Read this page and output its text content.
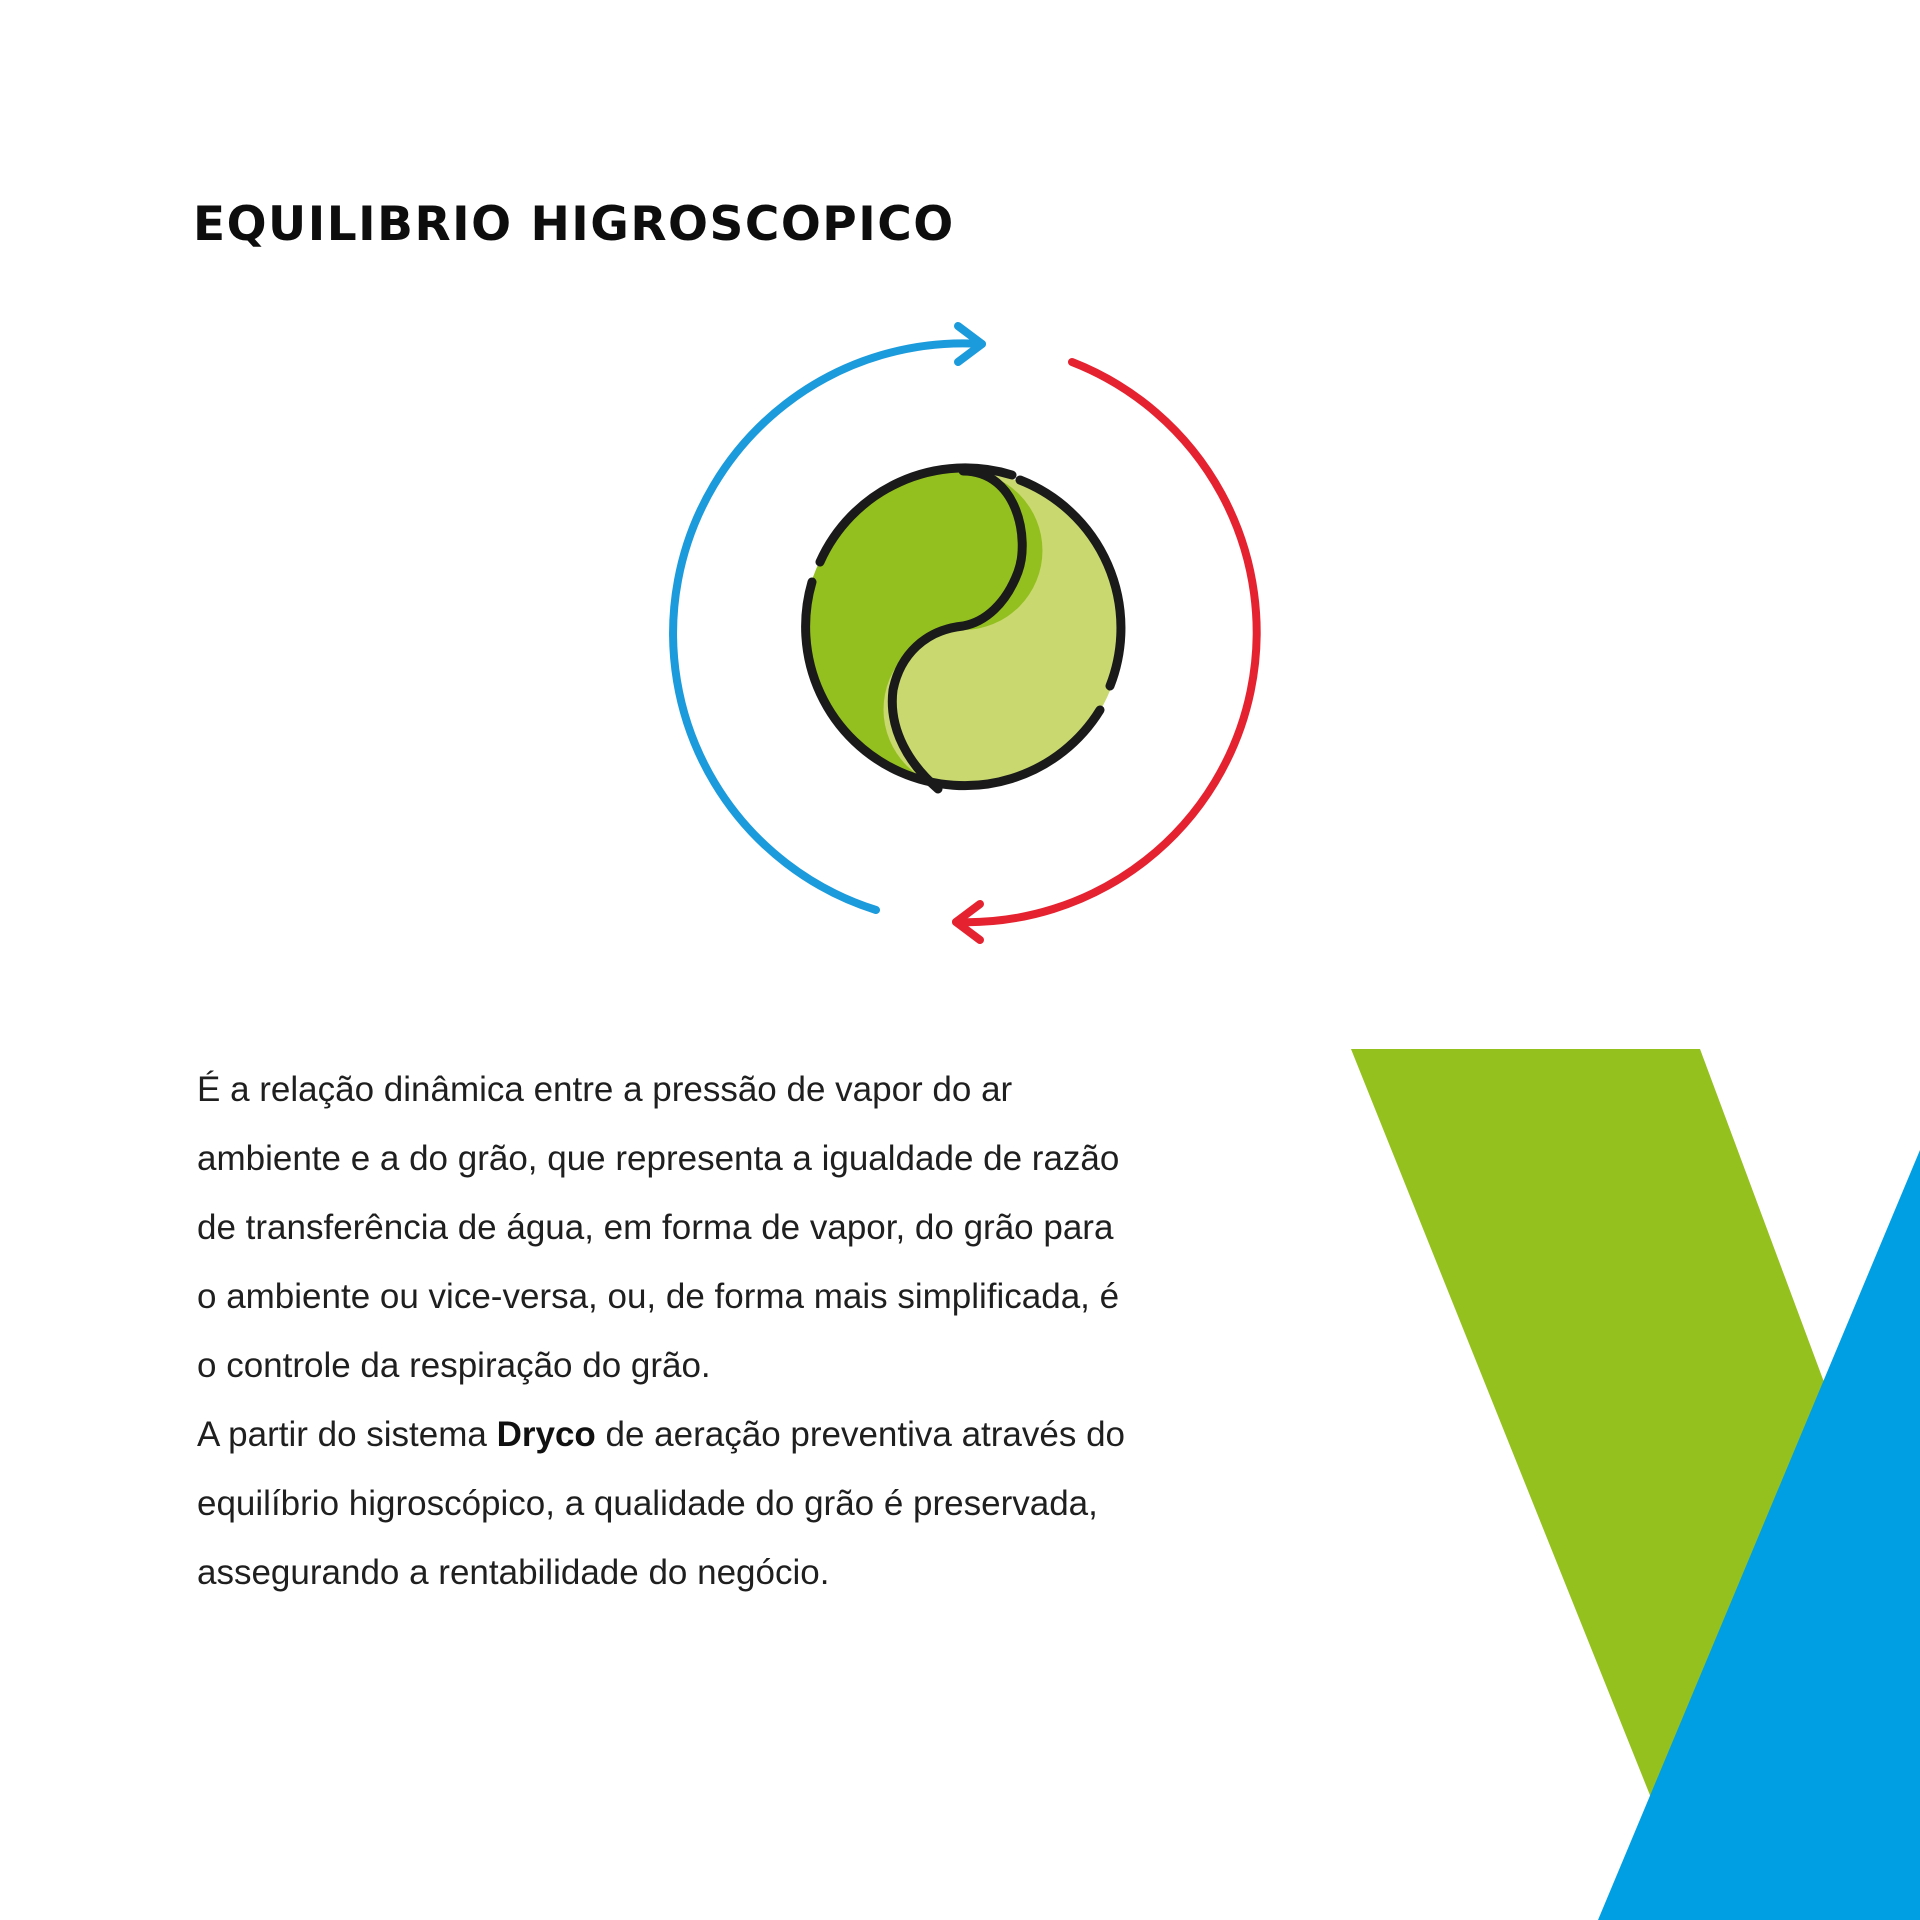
EQUILIBRIO HIGROSCOPICO

É a relação dinâmica entre a pressão de vapor do ar ambiente e a do grão, que representa a igualdade de razão de transferência de água, em forma de vapor, do grão para o ambiente ou vice-versa, ou, de forma mais simplificada, é o controle da respiração do grão.

A partir do sistema Dryco de aeração preventiva através do equilíbrio higroscópico, a qualidade do grão é preservada, assegurando a rentabilidade do negócio.
